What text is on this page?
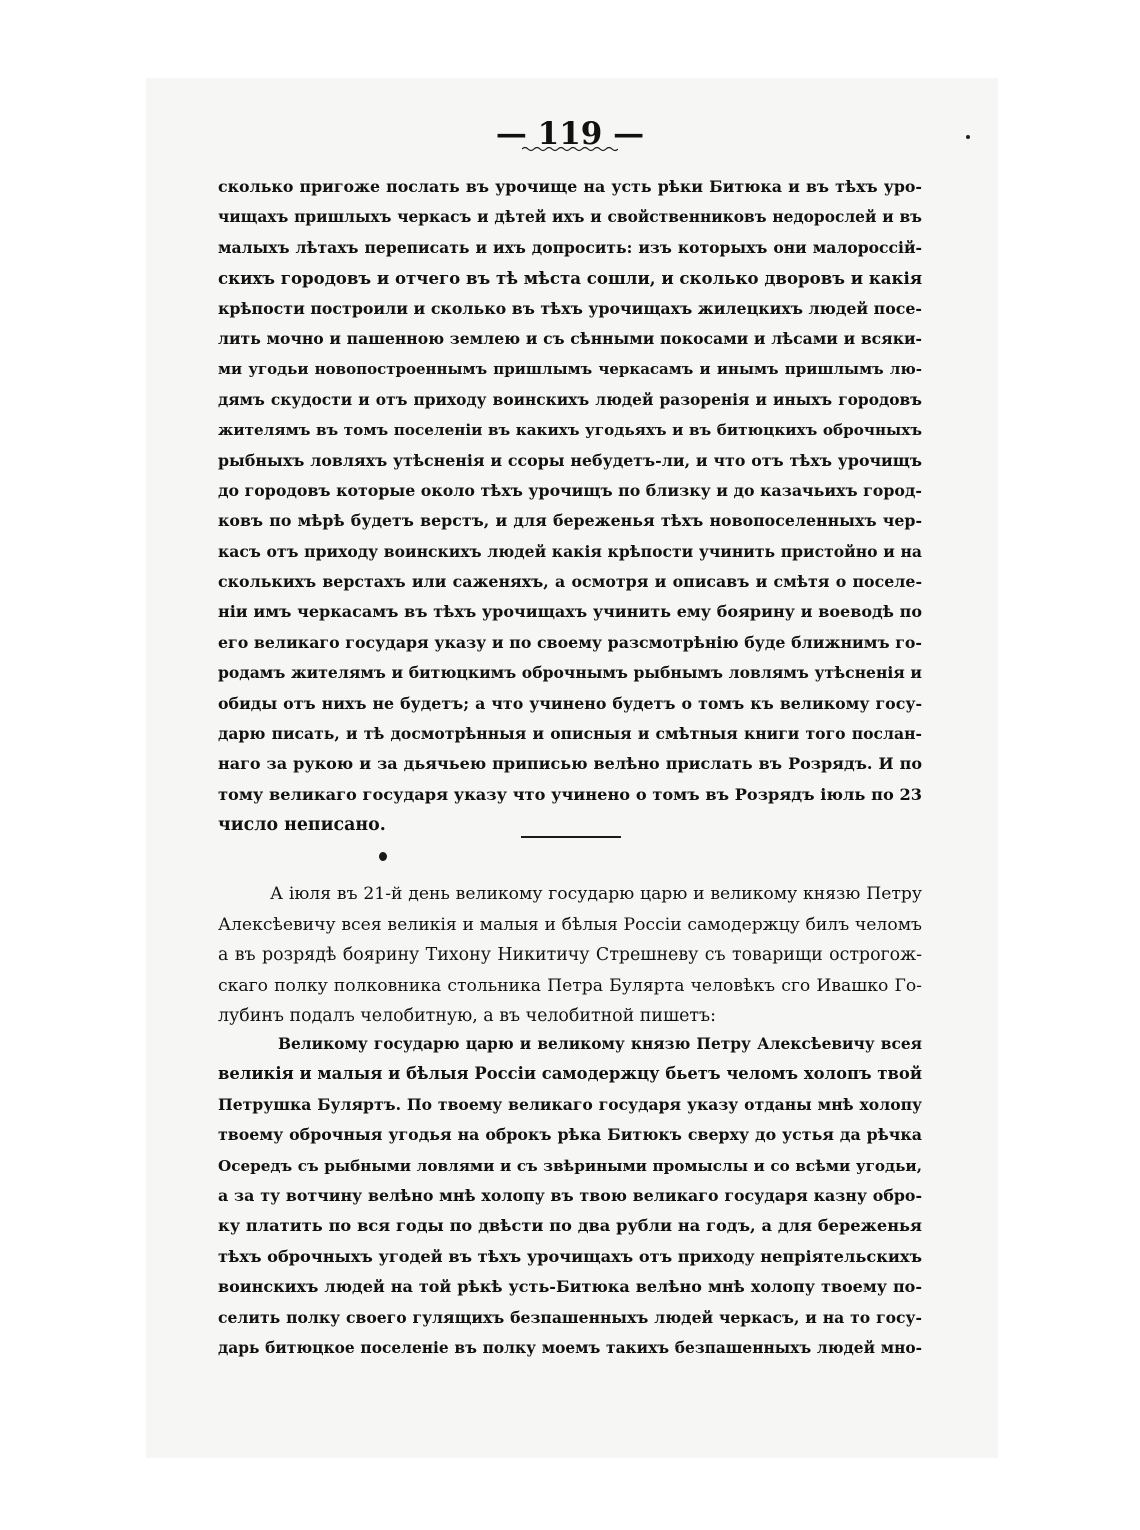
— 119 —
сколько пригоже послать въ урочище на усть рѣки Битюка и въ тѣхъ уро-
чищахъ пришлыхъ черкасъ и дѣтей ихъ и свойственниковъ недорослей и въ
малыхъ лѣтахъ переписать и ихъ допросить: изъ которыхъ они малороссій-
скихъ городовъ и отчего въ тѣ мѣста сошли, и сколько дворовъ и какія
крѣпости построили и сколько въ тѣхъ урочищахъ жилецкихъ людей посе-
лить мочно и пашенною землею и съ сѣнными покосами и лѣсами и всяки-
ми угодьи новопостроеннымъ пришлымъ черкасамъ и инымъ пришлымъ лю-
дямъ скудости и отъ приходу воинскихъ людей разоренія и иныхъ городовъ
жителямъ въ томъ поселеніи въ какихъ угодьяхъ и въ битюцкихъ оброчныхъ
рыбныхъ ловляхъ утѣсненія и ссоры небудетъ-ли, и что отъ тѣхъ урочищъ
до городовъ которые около тѣхъ урочищъ по близку и до казачьихъ город-
ковъ по мѣрѣ будетъ верстъ, и для береженья тѣхъ новопоселенныхъ чер-
касъ отъ приходу воинскихъ людей какія крѣпости учинить пристойно и на
сколькихъ верстахъ или саженяхъ, а осмотря и описавъ и смѣтя о поселе-
ніи имъ черкасамъ въ тѣхъ урочищахъ учинить ему боярину и воеводѣ по
его великаго государя указу и по своему разсмотрѣнію буде ближнимъ го-
родамъ жителямъ и битюцкимъ оброчнымъ рыбнымъ ловлямъ утѣсненія и
обиды отъ нихъ не будетъ; а что учинено будетъ о томъ къ великому госу-
дарю писать, и тѣ досмотрѣнныя и описныя и смѣтныя книги того послан-
наго за рукою и за дьячьею приписью велѣно прислать въ Розрядъ. И по
тому великаго государя указу что учинено о томъ въ Розрядъ іюль по 23
число неписано.
А іюля въ 21-й день великому государю царю и великому князю Петру
Алексѣевичу всея великія и малыя и бѣлыя Россіи самодержцу билъ челомъ
а въ розрядѣ боярину Тихону Никитичу Стрешневу съ товарищи острогож-
скаго полку полковника стольника Петра Булярта человѣкъ сго Ивашко Го-
лубинъ подалъ челобитную, а въ челобитной пишетъ:
Великому государю царю и великому князю Петру Алексѣевичу всея
великія и малыя и бѣлыя Россіи самодержцу бьетъ челомъ холопъ твой
Петрушка Буляртъ. По твоему великаго государя указу отданы мнѣ холопу
твоему оброчныя угодья на оброкъ рѣка Битюкъ сверху до устья да рѣчка
Осередъ съ рыбными ловлями и съ звѣриными промыслы и со всѣми угодьи,
а за ту вотчину велѣно мнѣ холопу въ твою великаго государя казну обро-
ку платить по вся годы по двѣсти по два рубли на годъ, а для береженья
тѣхъ оброчныхъ угодей въ тѣхъ урочищахъ отъ приходу непріятельскихъ
воинскихъ людей на той рѣкѣ усть-Битюка велѣно мнѣ холопу твоему по-
селить полку своего гулящихъ безпашенныхъ людей черкасъ, и на то госу-
дарь битюцкое поселеніе въ полку моемъ такихъ безпашенныхъ людей мно-
